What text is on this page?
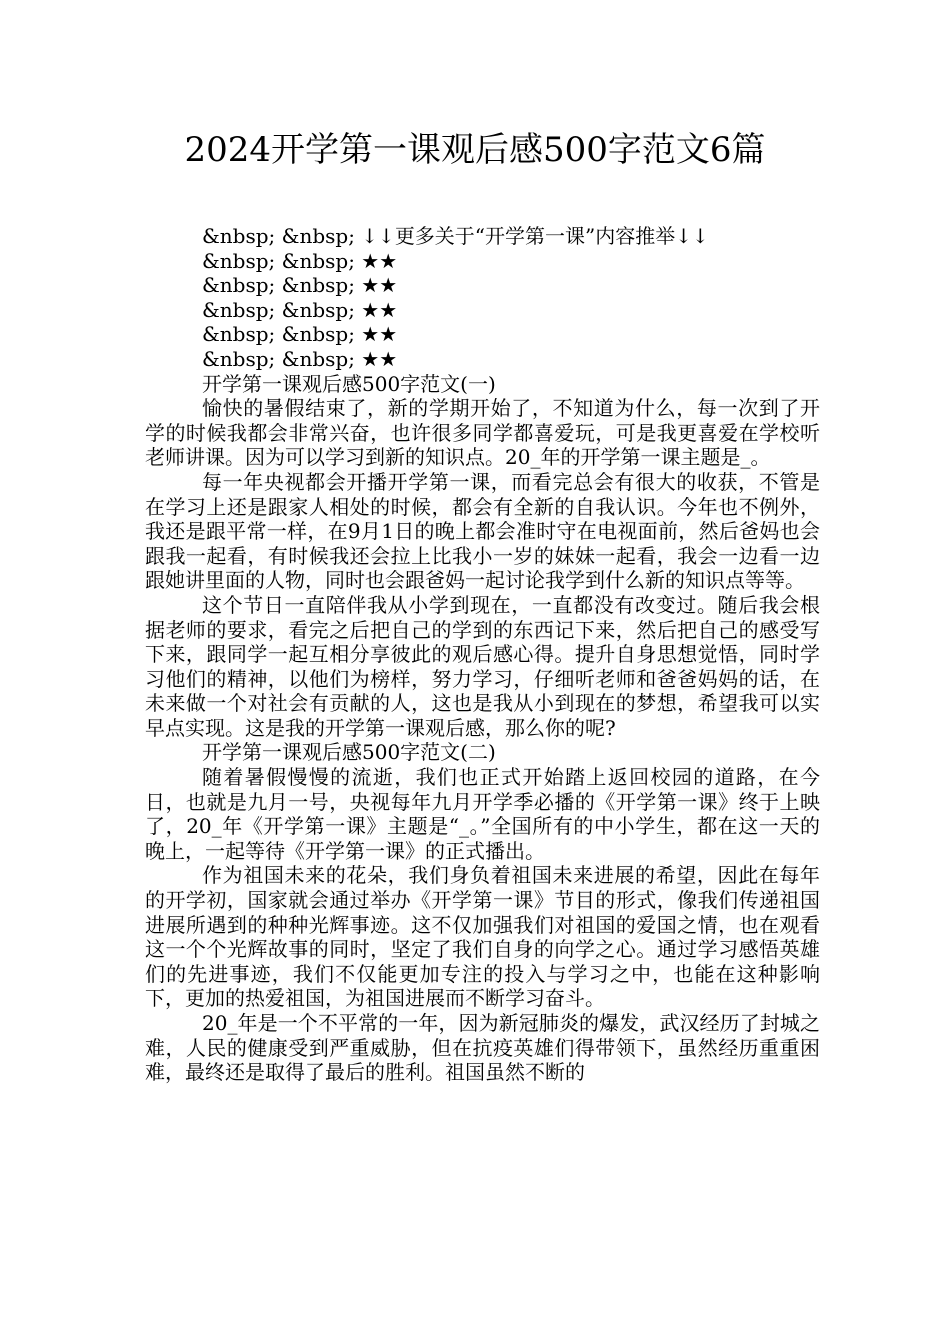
2024开学第一课观后感500字范文6篇
&nbsp; &nbsp; ↓↓更多关于“开学第一课”内容推举↓↓
&nbsp; &nbsp; ★★
&nbsp; &nbsp; ★★
&nbsp; &nbsp; ★★
&nbsp; &nbsp; ★★
&nbsp; &nbsp; ★★

开学第一课观后感500字范文(一)

愉快的暑假结束了，新的学期开始了，不知道为什么，每一次到了开学的时候我都会非常兴奋，也许很多同学都喜爱玩，可是我更喜爱在学校听老师讲课。因为可以学习到新的知识点。20_年的开学第一课主题是_。

每一年央视都会开播开学第一课，而看完总会有很大的收获，不管是在学习上还是跟家人相处的时候，都会有全新的自我认识。今年也不例外，我还是跟平常一样，在9月1日的晚上都会准时守在电视面前，然后爸妈也会跟我一起看，有时候我还会拉上比我小一岁的妹妹一起看，我会一边看一边跟她讲里面的人物，同时也会跟爸妈一起讨论我学到什么新的知识点等等。

这个节日一直陪伴我从小学到现在，一直都没有改变过。随后我会根据老师的要求，看完之后把自己的学到的东西记下来，然后把自己的感受写下来，跟同学一起互相分享彼此的观后感心得。提升自身思想觉悟，同时学习他们的精神，以他们为榜样，努力学习，仔细听老师和爸爸妈妈的话，在未来做一个对社会有贡献的人，这也是我从小到现在的梦想，希望我可以实早点实现。这是我的开学第一课观后感，那么你的呢?

开学第一课观后感500字范文(二)

随着暑假慢慢的流逝，我们也正式开始踏上返回校园的道路，在今日，也就是九月一号，央视每年九月开学季必播的《开学第一课》终于上映了，20_年《开学第一课》主题是“_。”全国所有的中小学生，都在这一天的晚上，一起等待《开学第一课》的正式播出。

作为祖国未来的花朵，我们身负着祖国未来进展的希望，因此在每年的开学初，国家就会通过举办《开学第一课》节目的形式，像我们传递祖国进展所遇到的种种光辉事迹。这不仅加强我们对祖国的爱国之情，也在观看这一个个光辉故事的同时，坚定了我们自身的向学之心。通过学习感悟英雄们的先进事迹，我们不仅能更加专注的投入与学习之中，也能在这种影响下，更加的热爱祖国，为祖国进展而不断学习奋斗。

20_年是一个不平常的一年，因为新冠肺炎的爆发，武汉经历了封城之难，人民的健康受到严重威胁，但在抗疫英雄们得带领下，虽然经历重重困难，最终还是取得了最后的胜利。祖国虽然不断的
